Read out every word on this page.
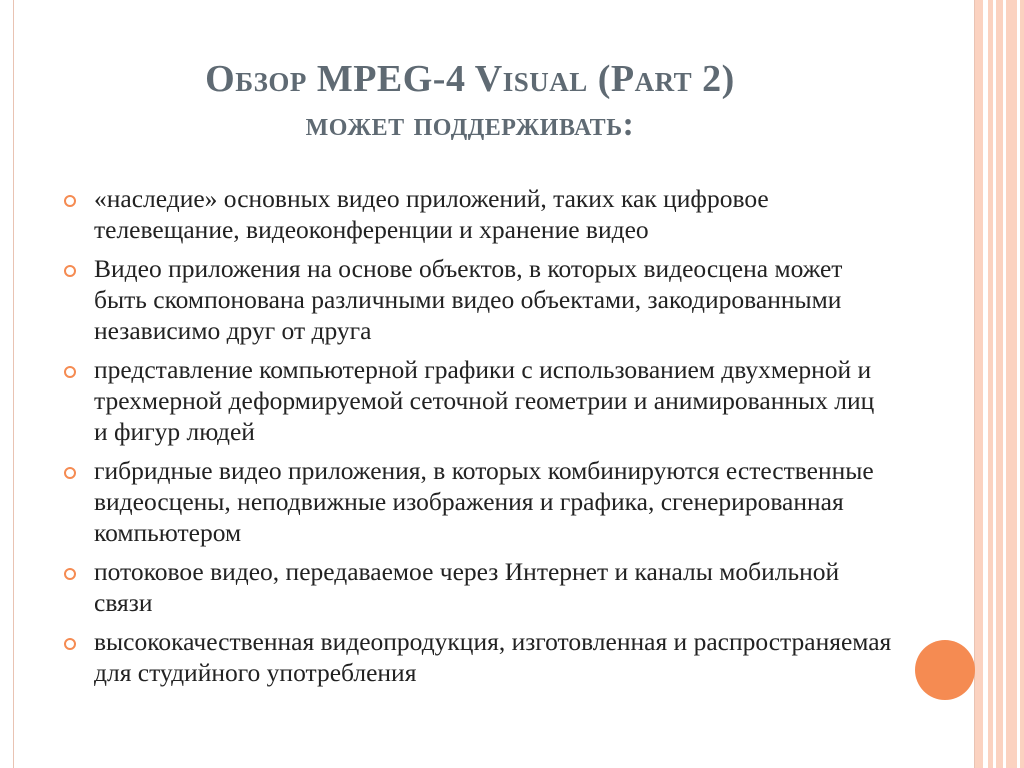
Обзор MPEG-4 Visual (Part 2)
может поддерживать:
«наследие» основных видео приложений, таких как цифровое телевещание, видеоконференции и хранение видео
Видео приложения на основе объектов, в которых видеосцена может быть скомпонована различными видео объектами, закодированными независимо друг от друга
представление компьютерной графики с использованием двухмерной и трехмерной деформируемой сеточной геометрии и анимированных лиц и фигур людей
гибридные видео приложения, в которых комбинируются естественные видеосцены, неподвижные изображения и графика, сгенерированная компьютером
потоковое видео, передаваемое через Интернет и каналы мобильной связи
высококачественная видеопродукция, изготовленная и распространяемая для студийного употребления
